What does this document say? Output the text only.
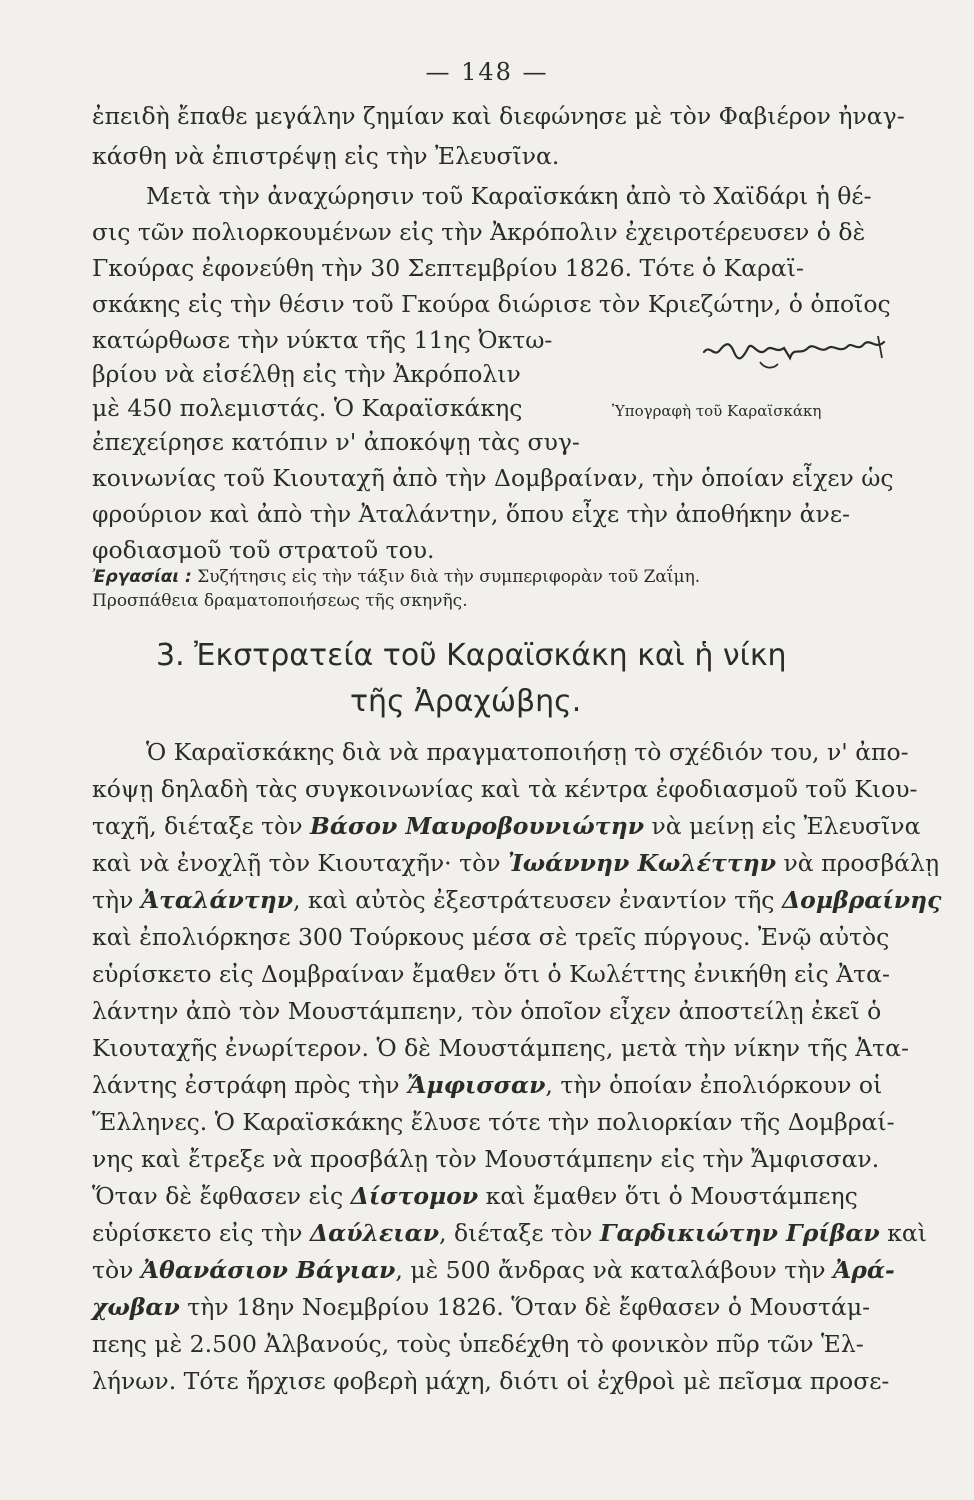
— 148 —
ἐπειδὴ ἔπαθε μεγάλην ζημίαν καὶ διεφώνησε μὲ τὸν Φαβιέρον ἠναγ-
κάσθη νὰ ἐπιστρέψῃ εἰς τὴν Ἐλευσῖνα.
Μετὰ τὴν ἀναχώρησιν τοῦ Καραϊσκάκη ἀπὸ τὸ Χαϊδάρι ἡ θέ-
σις τῶν πολιορκουμένων εἰς τὴν Ἀκρόπολιν ἐχειροτέρευσεν ὁ δὲ
Γκούρας ἐφονεύθη τὴν 30 Σεπτεμβρίου 1826. Τότε ὁ Καραϊ-
σκάκης εἰς τὴν θέσιν τοῦ Γκούρα διώρισε τὸν Κριεζώτην, ὁ ὁποῖος
κατώρθωσε τὴν νύκτα τῆς 11ης Ὀκτω-
βρίου νὰ εἰσέλθῃ εἰς τὴν Ἀκρόπολιν
μὲ 450 πολεμιστάς. Ὁ Καραϊσκάκης
ἐπεχείρησε κατόπιν ν' ἀποκόψῃ τὰς συγ-
κοινωνίας τοῦ Κιουταχῆ ἀπὸ τὴν Δομβραίναν, τὴν ὁποίαν εἶχεν ὡς
φρούριον καὶ ἀπὸ τὴν Ἀταλάντην, ὅπου εἶχε τὴν ἀποθήκην ἀνε-
φοδιασμοῦ τοῦ στρατοῦ του.
Ὑπογραφὴ τοῦ Καραϊσκάκη
Ἐργασίαι : Συζήτησις εἰς τὴν τάξιν διὰ τὴν συμπεριφορὰν τοῦ Ζαΐμη.
Προσπάθεια δραματοποιήσεως τῆς σκηνῆς.
3. Ἐκστρατεία τοῦ Καραϊσκάκη καὶ ἡ νίκη
τῆς Ἀραχώβης.
Ὁ Καραϊσκάκης διὰ νὰ πραγματοποιήσῃ τὸ σχέδιόν του, ν' ἀπο-
κόψῃ δηλαδὴ τὰς συγκοινωνίας καὶ τὰ κέντρα ἐφοδιασμοῦ τοῦ Κιου-
ταχῆ, διέταξε τὸν Βάσον Μαυροβουνιώτην νὰ μείνῃ εἰς Ἐλευσῖνα
καὶ νὰ ἐνοχλῇ τὸν Κιουταχῆν· τὸν Ἰωάννην Κωλέττην νὰ προσβάλῃ
τὴν Ἀταλάντην, καὶ αὐτὸς ἐξεστράτευσεν ἐναντίον τῆς Δομβραίνης
καὶ ἐπολιόρκησε 300 Τούρκους μέσα σὲ τρεῖς πύργους. Ἐνῷ αὐτὸς
εὑρίσκετο εἰς Δομβραίναν ἔμαθεν ὅτι ὁ Κωλέττης ἐνικήθη εἰς Ἀτα-
λάντην ἀπὸ τὸν Μουστάμπεην, τὸν ὁποῖον εἶχεν ἀποστείλῃ ἐκεῖ ὁ
Κιουταχῆς ἐνωρίτερον. Ὁ δὲ Μουστάμπεης, μετὰ τὴν νίκην τῆς Ἀτα-
λάντης ἐστράφη πρὸς τὴν Ἄμφισσαν, τὴν ὁποίαν ἐπολιόρκουν οἱ
Ἕλληνες. Ὁ Καραϊσκάκης ἔλυσε τότε τὴν πολιορκίαν τῆς Δομβραί-
νης καὶ ἔτρεξε νὰ προσβάλῃ τὸν Μουστάμπεην εἰς τὴν Ἄμφισσαν.
Ὅταν δὲ ἔφθασεν εἰς Δίστομον καὶ ἔμαθεν ὅτι ὁ Μουστάμπεης
εὑρίσκετο εἰς τὴν Δαύλειαν, διέταξε τὸν Γαρδικιώτην Γρίβαν καὶ
τὸν Ἀθανάσιον Βάγιαν, μὲ 500 ἄνδρας νὰ καταλάβουν τὴν Ἀρά-
χωβαν τὴν 18ην Νοεμβρίου 1826. Ὅταν δὲ ἔφθασεν ὁ Μουστάμ-
πεης μὲ 2.500 Ἀλβανούς, τοὺς ὑπεδέχθη τὸ φονικὸν πῦρ τῶν Ἑλ-
λήνων. Τότε ἤρχισε φοβερὴ μάχη, διότι οἱ ἐχθροὶ μὲ πεῖσμα προσε-
